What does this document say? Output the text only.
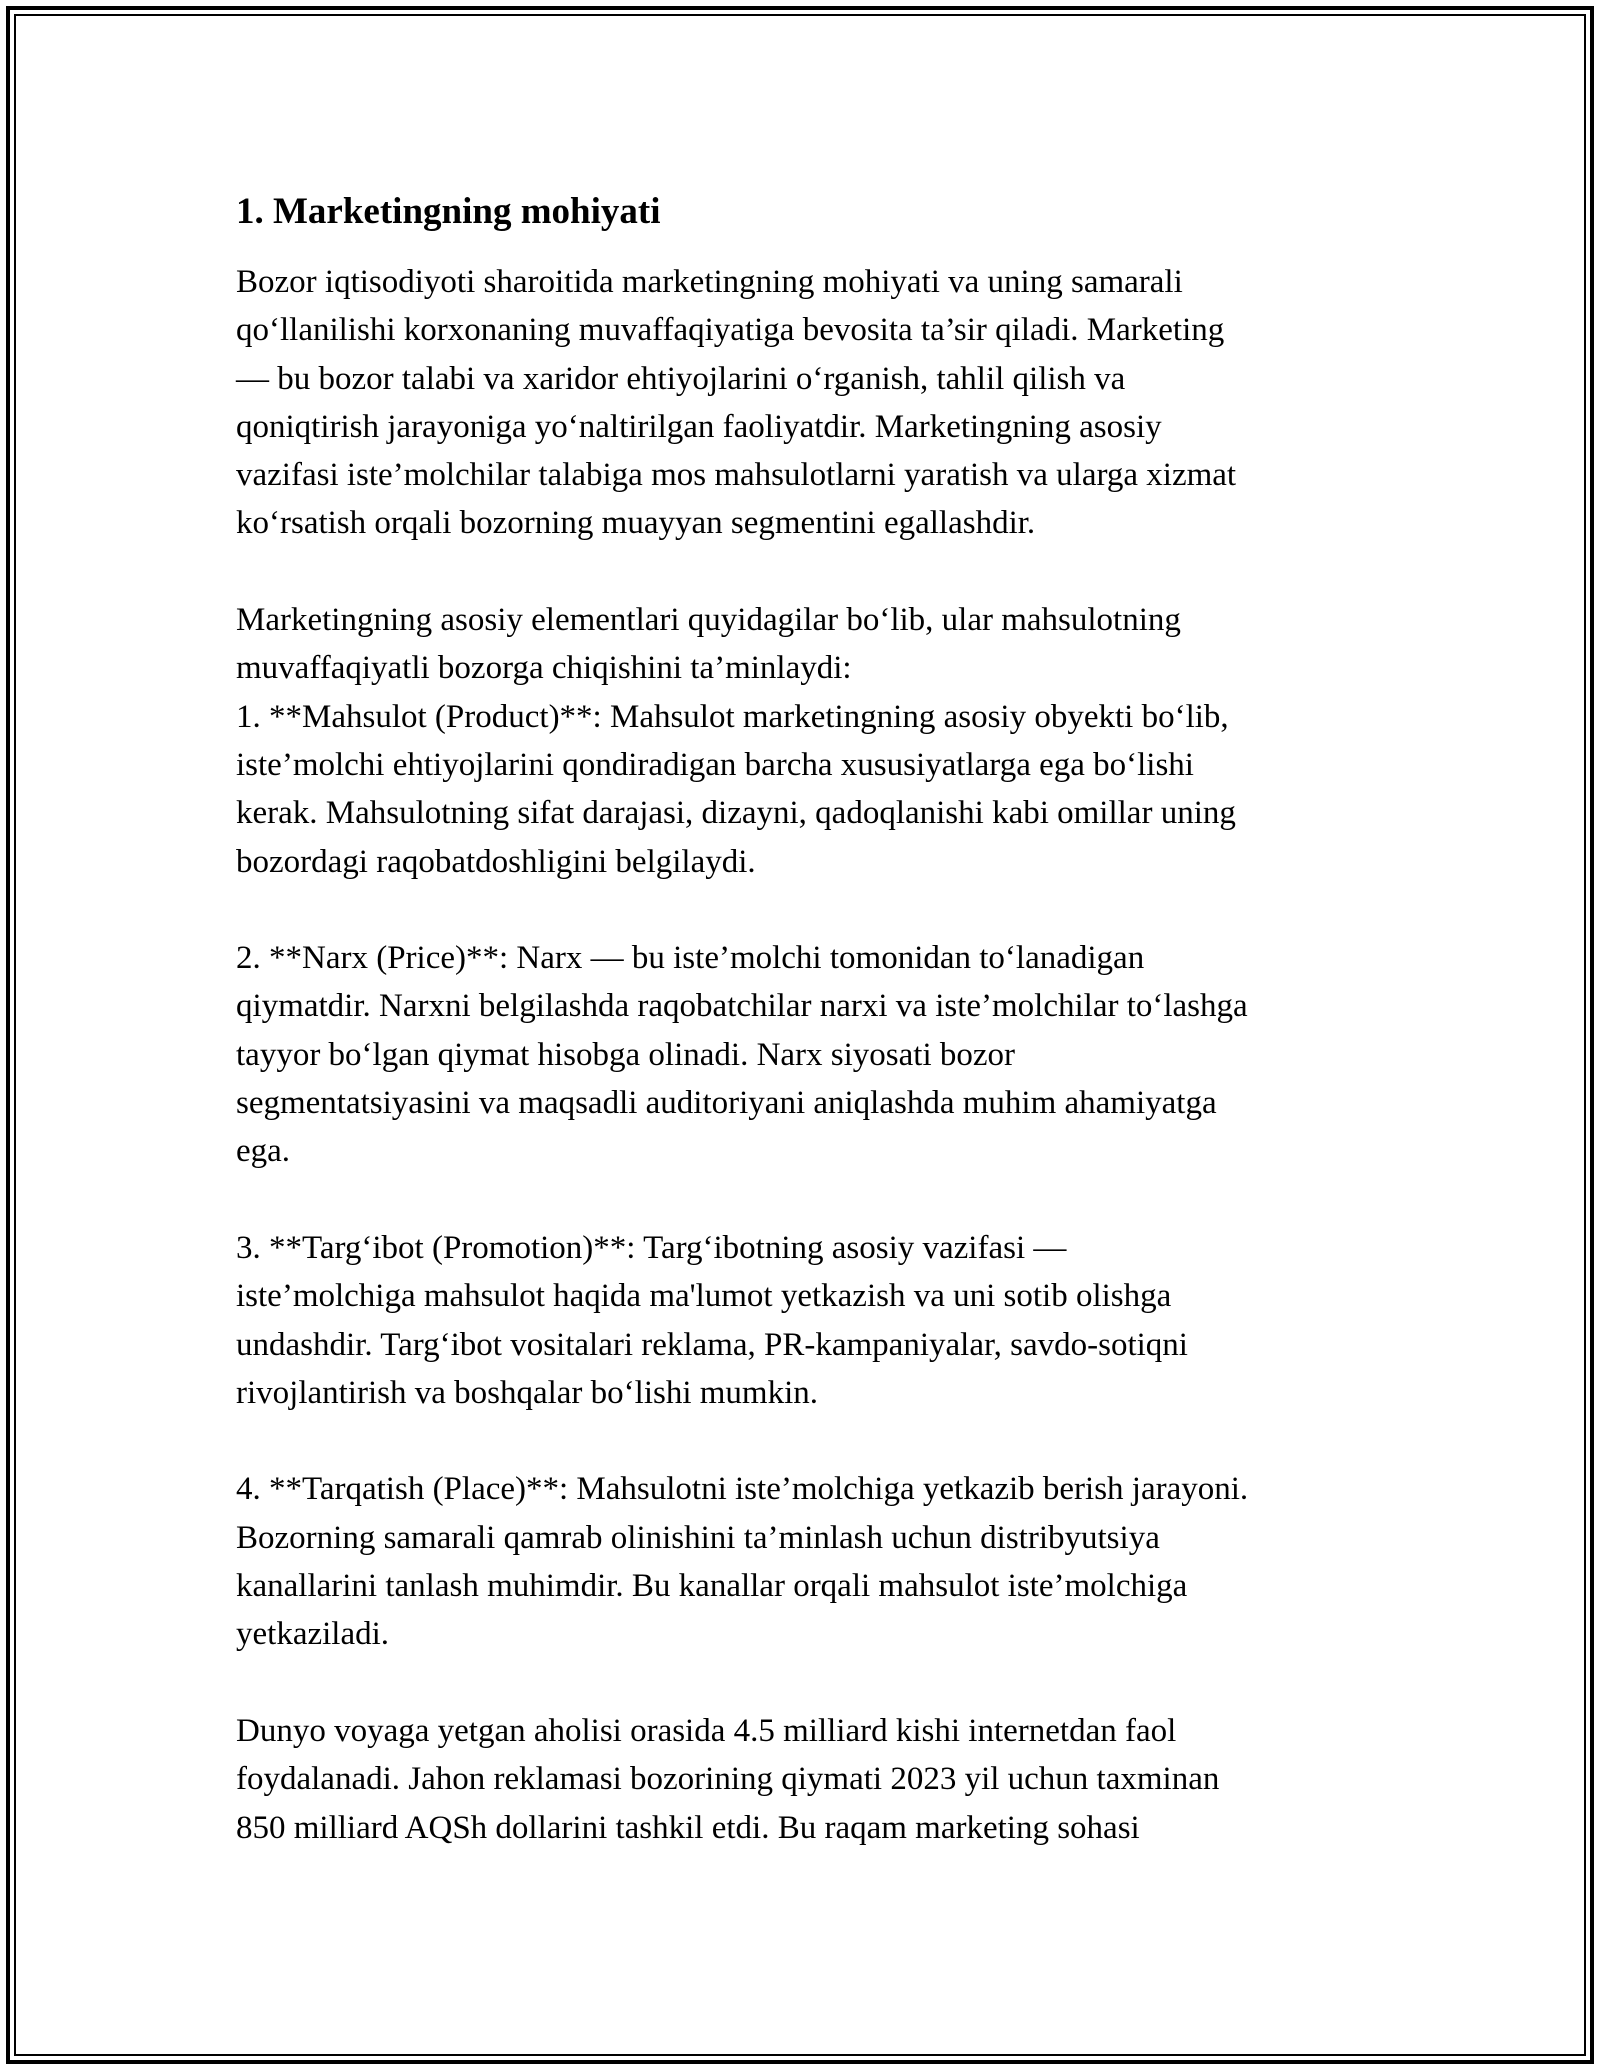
1. Marketingning mohiyati

Bozor iqtisodiyoti sharoitida marketingning mohiyati va uning samarali
qo‘llanilishi korxonaning muvaffaqiyatiga bevosita ta’sir qiladi. Marketing
— bu bozor talabi va xaridor ehtiyojlarini o‘rganish, tahlil qilish va
qoniqtirish jarayoniga yo‘naltirilgan faoliyatdir. Marketingning asosiy
vazifasi iste’molchilar talabiga mos mahsulotlarni yaratish va ularga xizmat
ko‘rsatish orqali bozorning muayyan segmentini egallashdir.

Marketingning asosiy elementlari quyidagilar bo‘lib, ular mahsulotning
muvaffaqiyatli bozorga chiqishini ta’minlaydi:
1. **Mahsulot (Product)**: Mahsulot marketingning asosiy obyekti bo‘lib,
iste’molchi ehtiyojlarini qondiradigan barcha xususiyatlarga ega bo‘lishi
kerak. Mahsulotning sifat darajasi, dizayni, qadoqlanishi kabi omillar uning
bozordagi raqobatdoshligini belgilaydi.

2. **Narx (Price)**: Narx — bu iste’molchi tomonidan to‘lanadigan
qiymatdir. Narxni belgilashda raqobatchilar narxi va iste’molchilar to‘lashga
tayyor bo‘lgan qiymat hisobga olinadi. Narx siyosati bozor
segmentatsiyasini va maqsadli auditoriyani aniqlashda muhim ahamiyatga
ega.

3. **Targ‘ibot (Promotion)**: Targ‘ibotning asosiy vazifasi —
iste’molchiga mahsulot haqida ma'lumot yetkazish va uni sotib olishga
undashdir. Targ‘ibot vositalari reklama, PR-kampaniyalar, savdo-sotiqni
rivojlantirish va boshqalar bo‘lishi mumkin.

4. **Tarqatish (Place)**: Mahsulotni iste’molchiga yetkazib berish jarayoni.
Bozorning samarali qamrab olinishini ta’minlash uchun distribyutsiya
kanallarini tanlash muhimdir. Bu kanallar orqali mahsulot iste’molchiga
yetkaziladi.

Dunyo voyaga yetgan aholisi orasida 4.5 milliard kishi internetdan faol
foydalanadi. Jahon reklamasi bozorining qiymati 2023 yil uchun taxminan
850 milliard AQSh dollarini tashkil etdi. Bu raqam marketing sohasi
